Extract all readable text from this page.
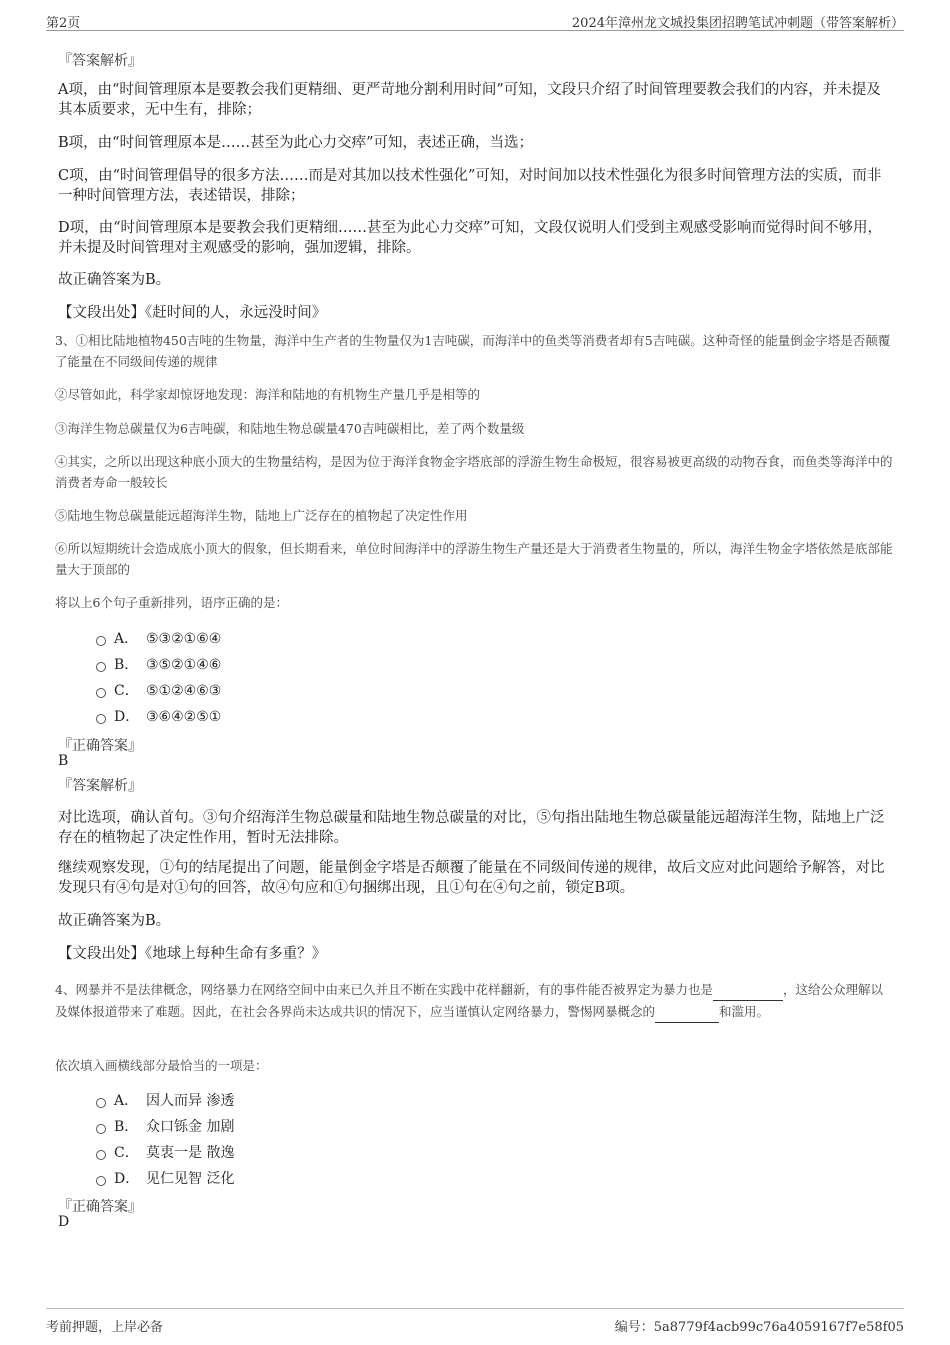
第2页	2024年漳州龙文城投集团招聘笔试冲刺题（带答案解析）
『答案解析』
A项，由“时间管理原本是要教会我们更精细、更严苛地分割利用时间”可知，文段只介绍了时间管理要教会我们的内容，并未提及其本质要求，无中生有，排除；
B项，由“时间管理原本是……甚至为此心力交瘁”可知，表述正确，当选；
C项，由“时间管理倡导的很多方法……而是对其加以技术性强化”可知，对时间加以技术性强化为很多时间管理方法的实质，而非一种时间管理方法，表述错误，排除；
D项，由“时间管理原本是要教会我们更精细……甚至为此心力交瘁”可知，文段仅说明人们受到主观感受影响而觉得时间不够用，并未提及时间管理对主观感受的影响，强加逻辑，排除。
故正确答案为B。
【文段出处】《赶时间的人，永远没时间》
3、①相比陆地植物450吉吨的生物量，海洋中生产者的生物量仅为1吉吨碳，而海洋中的鱼类等消费者却有5吉吨碳。这种奇怪的能量倒金字塔是否颠覆了能量在不同级间传递的规律
②尽管如此，科学家却惊讶地发现：海洋和陆地的有机物生产量几乎是相等的
③海洋生物总碳量仅为6吉吨碳，和陆地生物总碳量470吉吨碳相比，差了两个数量级
④其实，之所以出现这种底小顶大的生物量结构，是因为位于海洋食物金字塔底部的浮游生物生命极短，很容易被更高级的动物吞食，而鱼类等海洋中的消费者寿命一般较长
⑤陆地生物总碳量能远超海洋生物，陆地上广泛存在的植物起了决定性作用
⑥所以短期统计会造成底小顶大的假象，但长期看来，单位时间海洋中的浮游生物生产量还是大于消费者生物量的，所以，海洋生物金字塔依然是底部能量大于顶部的
将以上6个句子重新排列，语序正确的是：
A． ⑤③②①⑥④
B． ③⑤②①④⑥
C． ⑤①②④⑥③
D． ③⑥④②⑤①
『正确答案』
B
『答案解析』
对比选项，确认首句。③句介绍海洋生物总碳量和陆地生物总碳量的对比，⑤句指出陆地生物总碳量能远超海洋生物，陆地上广泛存在的植物起了决定性作用，暂时无法排除。
继续观察发现，①句的结尾提出了问题，能量倒金字塔是否颠覆了能量在不同级间传递的规律，故后文应对此问题给予解答，对比发现只有④句是对①句的回答，故④句应和①句捆绑出现，且①句在④句之前，锁定B项。
故正确答案为B。
【文段出处】《地球上每种生命有多重？》
4、网暴并不是法律概念，网络暴力在网络空间中由来已久并且不断在实践中花样翻新，有的事件能否被界定为暴力也是	，这给公众理解以及媒体报道带来了难题。因此，在社会各界尚未达成共识的情况下，应当谨慎认定网络暴力，警惕网暴概念的	和滥用。
依次填入画横线部分最恰当的一项是：
A． 因人而异 渗透
B． 众口铄金 加剧
C． 莫衷一是 散逸
D． 见仁见智 泛化
『正确答案』
D
考前押题，上岸必备	编号：5a8779f4acb99c76a4059167f7e58f05
